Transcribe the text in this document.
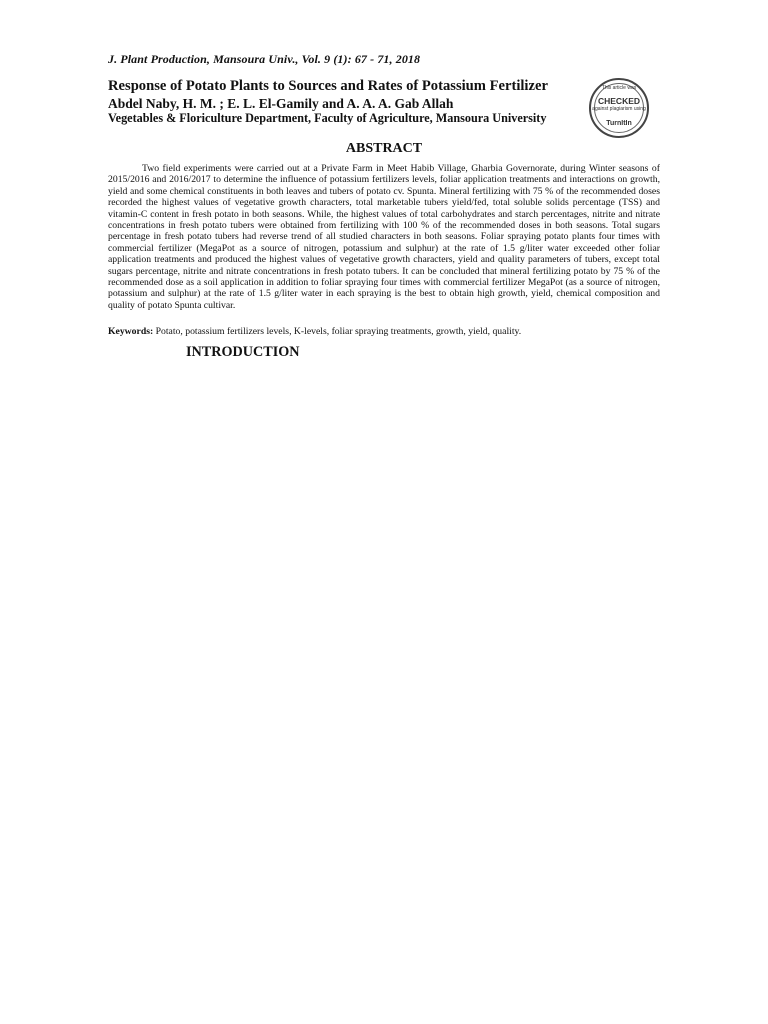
J. Plant Production, Mansoura Univ., Vol. 9 (1): 67 - 71, 2018
Response of Potato Plants to Sources and Rates of Potassium Fertilizer
Abdel Naby, H. M. ; E. L. El-Gamily and A. A. A. Gab Allah
Vegetables & Floriculture Department, Faculty of Agriculture, Mansoura University
This article was
CHECKED
against plagiarism using
TurnItIn
ABSTRACT

Two field experiments were carried out at a Private Farm in Meet Habib Village, Gharbia Governorate, during Winter seasons of 2015/2016 and 2016/2017 to determine the influence of potassium fertilizers levels, foliar application treatments and interactions on growth, yield and some chemical constituents in both leaves and tubers of potato cv. Spunta. Mineral fertilizing with 75 % of the recommended doses recorded the highest values of vegetative growth characters, total marketable tubers yield/fed, total soluble solids percentage (TSS) and vitamin-C content in fresh potato in both seasons. While, the highest values of total carbohydrates and starch percentages, nitrite and nitrate concentrations in fresh potato tubers were obtained from fertilizing with 100 % of the recommended doses in both seasons. Total sugars percentage in fresh potato tubers had reverse trend of all studied characters in both seasons. Foliar spraying potato plants four times with commercial fertilizer (MegaPot as a source of nitrogen, potassium and sulphur) at the rate of 1.5 g/liter water exceeded other foliar application treatments and produced the highest values of vegetative growth characters, yield and quality parameters of tubers, except total sugars percentage, nitrite and nitrate concentrations in fresh potato tubers. It can be concluded that mineral fertilizing potato by 75 % of the recommended dose as a soil application in addition to foliar spraying four times with commercial fertilizer MegaPot (as a source of nitrogen, potassium and sulphur) at the rate of 1.5 g/liter water in each spraying is the best to obtain high growth, yield, chemical composition and quality of potato Spunta cultivar.

Keywords: Potato, potassium fertilizers levels, K-levels, foliar spraying treatments, growth, yield, quality.
INTRODUCTION
